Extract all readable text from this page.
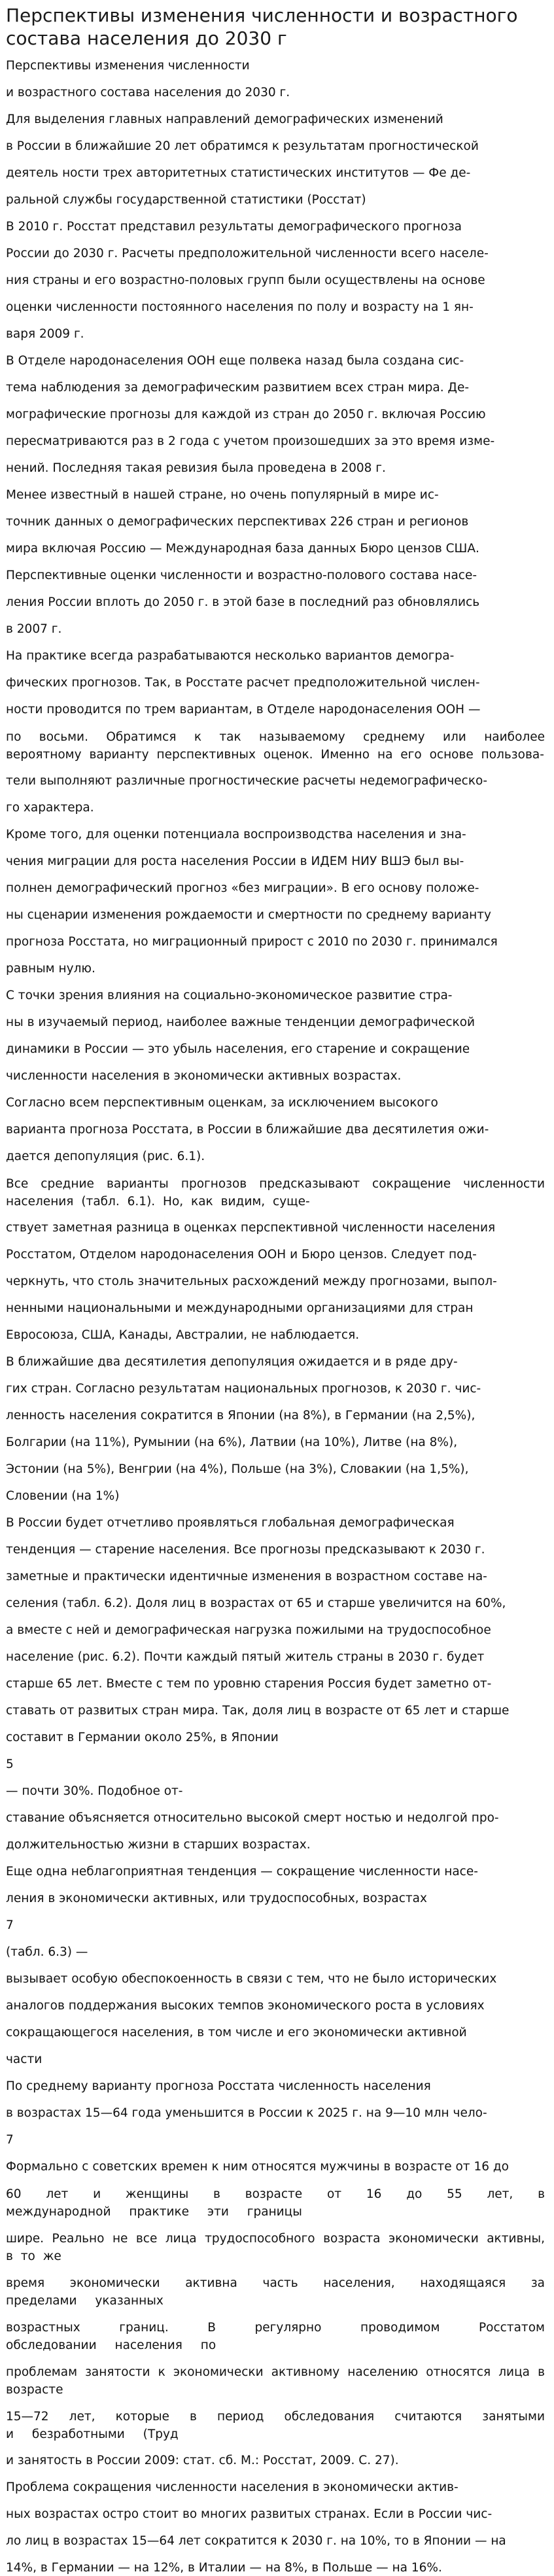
Перспективы изменения численности и возрастного состава населения до 2030 г

Перспективы изменения численности

и возрастного состава населения до 2030 г.

Для выделения главных направлений демографических изменений

в России в ближайшие 20 лет обратимся к результатам прогностической

деятель ности трех авторитетных статистических институтов — Фе де-

ральной службы государственной статистики (Росстат)

В 2010 г. Росстат представил результаты демографического прогноза

России до 2030 г. Расчеты предположительной численности всего населе-

ния страны и его возрастно-половых групп были осуществлены на основе

оценки численности постоянного населения по полу и возрасту на 1 ян-

варя 2009 г.

В Отделе народонаселения ООН еще полвека назад была создана сис-

тема наблюдения за демографическим развитием всех стран мира. Де-

мографические прогнозы для каждой из стран до 2050 г. включая Россию

пересматриваются раз в 2 года с учетом произошедших за это время изме-

нений. Последняя такая ревизия была проведена в 2008 г.

Менее известный в нашей стране, но очень популярный в мире ис-

точник данных о демографических перспективах 226 стран и регионов

мира включая Россию — Международная база данных Бюро цензов США.

Перспективные оценки численности и возрастно-полового состава насе-

ления России вплоть до 2050 г. в этой базе в последний раз обновлялись

в 2007 г.

На практике всегда разрабатываются несколько вариантов демогра-

фических прогнозов. Так, в Росстате расчет предположительной числен-

ности проводится по трем вариантам, в Отделе народонаселения ООН —

по восьми. Обратимся к так называемому среднему или наиболее вероятному варианту перспективных оценок. Именно на его основе пользова-

тели выполняют различные прогностические расчеты недемографическо-

го характера.

Кроме того, для оценки потенциала воспроизводства населения и зна-

чения миграции для роста населения России в ИДЕМ НИУ ВШЭ был вы-

полнен демографический прогноз «без миграции». В его основу положе-

ны сценарии изменения рождаемости и смертности по среднему варианту

прогноза Росстата, но миграционный прирост с 2010 по 2030 г. принимался

равным нулю.

С точки зрения влияния на социально-экономическое развитие стра-

ны в изучаемый период, наиболее важные тенденции демографической

динамики в России — это убыль населения, его старение и сокращение

численности населения в экономически активных возрастах.

Согласно всем перспективным оценкам, за исключением высокого

варианта прогноза Росстата, в России в ближайшие два десятилетия ожи-

дается депопуляция (рис. 6.1).

Все средние варианты прогнозов предсказывают сокращение численности населения (табл. 6.1). Но, как видим, суще-

ствует заметная разница в оценках перспективной численности населения

Росстатом, Отделом народонаселения ООН и Бюро цензов. Следует под-

черкнуть, что столь значительных расхождений между прогнозами, выпол-

ненными национальными и международными организациями для стран

Евросоюза, США, Канады, Австралии, не наблюдается.

В ближайшие два десятилетия депопуляция ожидается и в ряде дру-

гих стран. Согласно результатам национальных прогнозов, к 2030 г. чис-

ленность населения сократится в Японии (на 8%), в Германии (на 2,5%),

Болгарии (на 11%), Румынии (на 6%), Латвии (на 10%), Литве (на 8%),

Эстонии (на 5%), Венгрии (на 4%), Польше (на 3%), Словакии (на 1,5%),

Словении (на 1%)

В России будет отчетливо проявляться глобальная демографическая

тенденция — старение населения. Все прогнозы предсказывают к 2030 г.

заметные и практически идентичные изменения в возрастном составе на-

селения (табл. 6.2). Доля лиц в возрастах от 65 и старше увеличится на 60%,

а вместе с ней и демографическая нагрузка пожилыми на трудоспособное

население (рис. 6.2). Почти каждый пятый житель страны в 2030 г. будет

старше 65 лет. Вместе с тем по уровню старения Россия будет заметно от-

ставать от развитых стран мира. Так, доля лиц в возрасте от 65 лет и старше

составит в Германии около 25%, в Японии

5

— почти 30%. Подобное от-

ставание объясняется относительно высокой смерт ностью и недолгой про-

должительностью жизни в старших возрастах.

Еще одна неблагоприятная тенденция — сокращение численности насе-

ления в экономически активных, или трудоспособных, возрастах

7

(табл. 6.3) —

вызывает особую обеспокоенность в связи с тем, что не было исторических

аналогов поддержания высоких темпов экономического роста в условиях

сокращающегося населения, в том числе и его экономически активной

части

По среднему варианту прогноза Росстата численность населения

в возрастах 15—64 года уменьшится в России к 2025 г. на 9—10 млн чело-

7

Формально с советских времен к ним относятся мужчины в возрасте от 16 до

60 лет и женщины в возрасте от 16 до 55 лет, в международной практике эти границы

шире. Реально не все лица трудоспособного возраста экономически активны, в то же

время экономически активна часть населения, находящаяся за пределами указанных

возрастных границ. В регулярно проводимом Росстатом обследовании населения по

проблемам занятости к экономически активному населению относятся лица в возрасте

15—72 лет, которые в период обследования считаются занятыми и безработными (Труд

и занятость в России 2009: стат. сб. М.: Росстат, 2009. С. 27).

Проблема сокращения численности населения в экономически актив-

ных возрастах остро стоит во многих развитых странах. Если в России чис-

ло лиц в возрастах 15—64 лет сократится к 2030 г. на 10%, то в Японии — на

14%, в Германии — на 12%, в Италии — на 8%, в Польше — на 16%.
